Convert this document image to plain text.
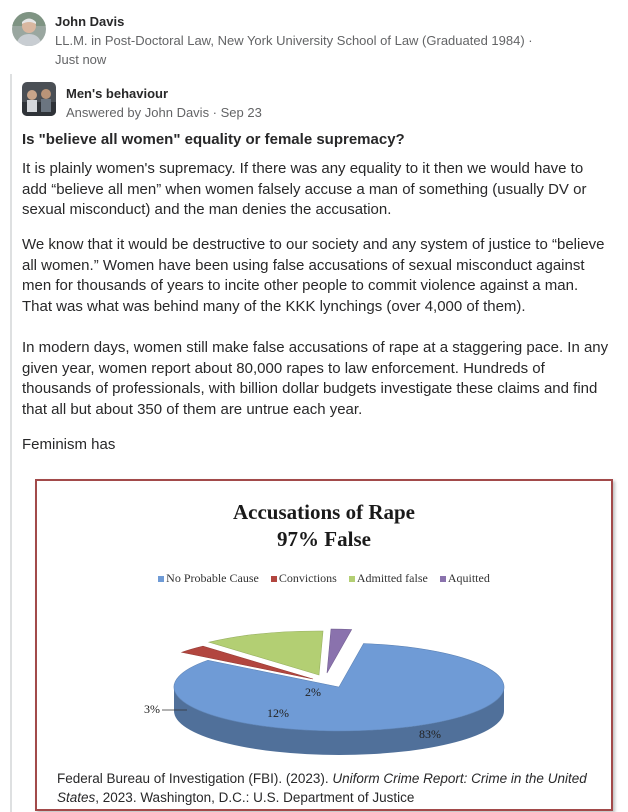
John Davis
LL.M. in Post-Doctoral Law, New York University School of Law (Graduated 1984) ·
Just now
Men's behaviour
Answered by John Davis · Sep 23
Is "believe all women" equality or female supremacy?

It is plainly women's supremacy. If there was any equality to it then we would have to add “believe all men” when women falsely accuse a man of something (usually DV or sexual misconduct) and the man denies the accusation.

We know that it would be destructive to our society and any system of justice to “believe all women.” Women have been using false accusations of sexual misconduct against men for thousands of years to incite other people to commit violence against a man. That was what was behind many of the KKK lynchings (over 4,000 of them).

In modern days, women still make false accusations of rape at a staggering pace. In any given year, women report about 80,000 rapes to law enforcement. Hundreds of thousands of professionals, with billion dollar budgets investigate these claims and find that all but about 350 of them are untrue each year.

Feminism has

Accusations of Rape
97% False
No Probable Cause Convictions Admitted false Aquitted
83%
3%	12%
2%
Federal Bureau of Investigation (FBI). (2023). Uniform Crime Report: Crime in the United States, 2023. Washington, D.C.: U.S. Department of Justice
